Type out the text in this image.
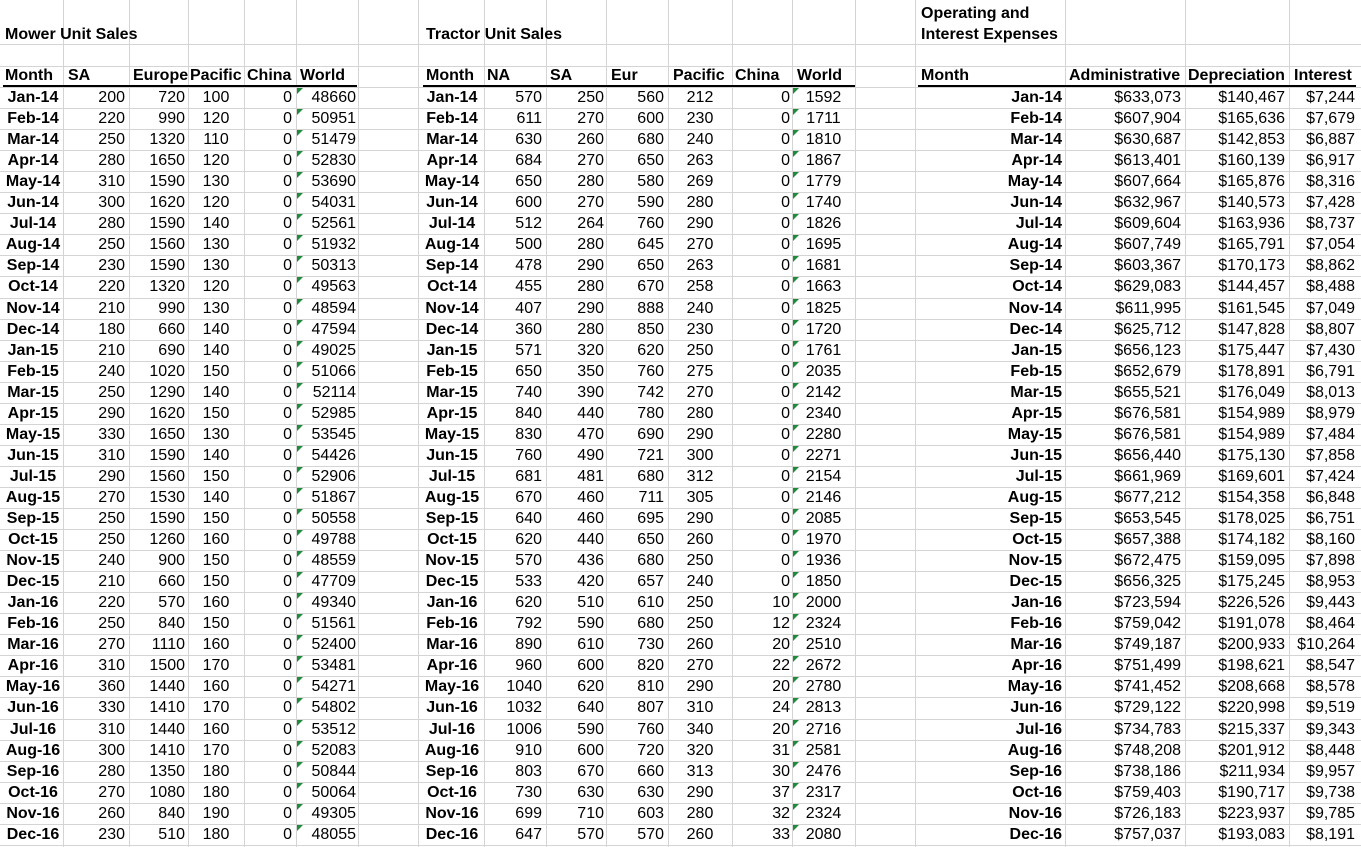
Mower Unit Sales	Tractor Unit Sales
Operating and
Interest Expenses
Month SA	Europe Pacific China World
Jan-14	200	720	100	0	48660
Feb-14	220	990	120	0	50951
Mar-14	250	1320	110	0	51479
Apr-14	280	1650	120	0	52830
May-14	310	1590	130	0	53690
Jun-14	300	1620	120	0	54031
Jul-14	280	1590	140	0	52561
Aug-14	250	1560	130	0	51932
Sep-14	230	1590	130	0	50313
Oct-14	220	1320	120	0	49563
Nov-14	210	990	130	0	48594
Dec-14	180	660	140	0	47594
Jan-15	210	690	140	0	49025
Feb-15	240	1020	150	0	51066
Mar-15	250	1290	140	0	52114
Apr-15	290	1620	150	0	52985
May-15	330	1650	130	0	53545
Jun-15	310	1590	140	0	54426
Jul-15	290	1560	150	0	52906
Aug-15	270	1530	140	0	51867
Sep-15	250	1590	150	0	50558
Oct-15	250	1260	160	0	49788
Nov-15	240	900	150	0	48559
Dec-15	210	660	150	0	47709
Jan-16	220	570	160	0	49340
Feb-16	250	840	150	0	51561
Mar-16	270	1110	160	0	52400
Apr-16	310	1500	170	0	53481
May-16	360	1440	160	0	54271
Jun-16	330	1410	170	0	54802
Jul-16	310	1440	160	0	53512
Aug-16	300	1410	170	0	52083
Sep-16	280	1350	180	0	50844
Oct-16	270	1080	180	0	50064
Nov-16	260	840	190	0	49305
Dec-16	230	510	180	0	48055
Month NA SA Eur Pacific China World
Jan-14	570	250	560	212	0 1592
Feb-14	611	270	600	230	0	1711
Mar-14	630	260	680	240	0 1810
Apr-14	684	270	650	263	0 1867
May-14	650	280	580	269	0 1779
Jun-14	600	270	590	280	0 1740
Jul-14	512	264	760	290	0 1826
Aug-14	500	280	645	270	0 1695
Sep-14	478	290	650	263	0 1681
Oct-14	455	280	670	258	0 1663
Nov-14	407	290	888	240	0 1825
Dec-14	360	280	850	230	0 1720
Jan-15	571	320	620	250	0 1761
Feb-15	650	350	760	275	0 2035
Mar-15	740	390	742	270	0 2142
Apr-15	840	440	780	280	0 2340
May-15	830	470	690	290	0 2280
Jun-15	760	490	721	300	0 2271
Jul-15	681	481	680	312	0 2154
Aug-15	670	460	711	305	0 2146
Sep-15	640	460	695	290	0 2085
Oct-15	620	440	650	260	0 1970
Nov-15	570	436	680	250	0 1936
Dec-15	533	420	657	240	0 1850
Jan-16	620	510	610	250	10 2000
Feb-16	792	590	680	250	12 2324
Mar-16	890	610	730	260	20 2510
Apr-16	960	600	820	270	22 2672
May-16	1040	620	810	290	20 2780
Jun-16	1032	640	807	310	24 2813
Jul-16	1006	590	760	340	20 2716
Aug-16	910	600	720	320	31 2581
Sep-16	803	670	660	313	30 2476
Oct-16	730	630	630	290	37 2317
Nov-16	699	710	603	280	32 2324
Dec-16	647	570	570	260	33 2080
Month	Administrative Depreciation Interest
Jan-14	$633,073	$140,467	$7,244
Feb-14	$607,904	$165,636	$7,679
Mar-14	$630,687	$142,853	$6,887
Apr-14	$613,401	$160,139	$6,917
May-14	$607,664	$165,876	$8,316
Jun-14	$632,967	$140,573	$7,428
Jul-14	$609,604	$163,936	$8,737
Aug-14	$607,749	$165,791	$7,054
Sep-14	$603,367	$170,173	$8,862
Oct-14	$629,083	$144,457	$8,488
Nov-14	$611,995	$161,545	$7,049
Dec-14	$625,712	$147,828	$8,807
Jan-15	$656,123	$175,447	$7,430
Feb-15	$652,679	$178,891	$6,791
Mar-15	$655,521	$176,049	$8,013
Apr-15	$676,581	$154,989	$8,979
May-15	$676,581	$154,989	$7,484
Jun-15	$656,440	$175,130	$7,858
Jul-15	$661,969	$169,601	$7,424
Aug-15	$677,212	$154,358	$6,848
Sep-15	$653,545	$178,025	$6,751
Oct-15	$657,388	$174,182	$8,160
Nov-15	$672,475	$159,095	$7,898
Dec-15	$656,325	$175,245	$8,953
Jan-16	$723,594	$226,526	$9,443
Feb-16	$759,042	$191,078	$8,464
Mar-16	$749,187	$200,933 $10,264
Apr-16	$751,499	$198,621	$8,547
May-16	$741,452	$208,668	$8,578
Jun-16	$729,122	$220,998	$9,519
Jul-16	$734,783	$215,337	$9,343
Aug-16	$748,208	$201,912	$8,448
Sep-16	$738,186	$211,934	$9,957
Oct-16	$759,403	$190,717	$9,738
Nov-16	$726,183	$223,937	$9,785
Dec-16	$757,037	$193,083	$8,191
